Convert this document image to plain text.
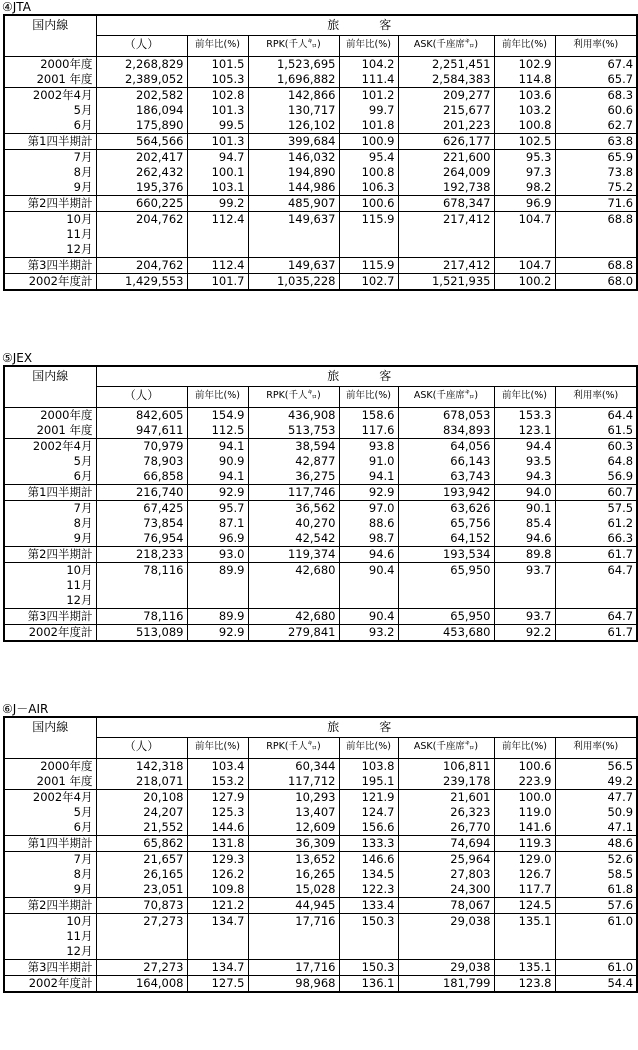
④JTA
国内線	旅　客						
	（人）	前年比(%)	RPK(千人㌔)	前年比(%)	ASK(千座席㌔)	前年比(%)	利用率(%)
2000年度	2,268,829	101.5	1,523,695	104.2	2,251,451	102.9	67.4
2001 年度	2,389,052	105.3	1,696,882	111.4	2,584,383	114.8	65.7
2002年4月	202,582	102.8	142,866	101.2	209,277	103.6	68.3
5月	186,094	101.3	130,717	99.7	215,677	103.2	60.6
6月	175,890	99.5	126,102	101.8	201,223	100.8	62.7
第1四半期計	564,566	101.3	399,684	100.9	626,177	102.5	63.8
7月	202,417	94.7	146,032	95.4	221,600	95.3	65.9
8月	262,432	100.1	194,890	100.8	264,009	97.3	73.8
9月	195,376	103.1	144,986	106.3	192,738	98.2	75.2
第2四半期計	660,225	99.2	485,907	100.6	678,347	96.9	71.6
10月	204,762	112.4	149,637	115.9	217,412	104.7	68.8
11月							
12月							
第3四半期計	204,762	112.4	149,637	115.9	217,412	104.7	68.8
2002年度計	1,429,553	101.7	1,035,228	102.7	1,521,935	100.2	68.0
⑤JEX
国内線	旅　客						
	（人）	前年比(%)	RPK(千人㌔)	前年比(%)	ASK(千座席㌔)	前年比(%)	利用率(%)
2000年度	842,605	154.9	436,908	158.6	678,053	153.3	64.4
2001 年度	947,611	112.5	513,753	117.6	834,893	123.1	61.5
2002年4月	70,979	94.1	38,594	93.8	64,056	94.4	60.3
5月	78,903	90.9	42,877	91.0	66,143	93.5	64.8
6月	66,858	94.1	36,275	94.1	63,743	94.3	56.9
第1四半期計	216,740	92.9	117,746	92.9	193,942	94.0	60.7
7月	67,425	95.7	36,562	97.0	63,626	90.1	57.5
8月	73,854	87.1	40,270	88.6	65,756	85.4	61.2
9月	76,954	96.9	42,542	98.7	64,152	94.6	66.3
第2四半期計	218,233	93.0	119,374	94.6	193,534	89.8	61.7
10月	78,116	89.9	42,680	90.4	65,950	93.7	64.7
11月							
12月							
第3四半期計	78,116	89.9	42,680	90.4	65,950	93.7	64.7
2002年度計	513,089	92.9	279,841	93.2	453,680	92.2	61.7
⑥J－AIR
国内線	旅　客						
	（人）	前年比(%)	RPK(千人㌔)	前年比(%)	ASK(千座席㌔)	前年比(%)	利用率(%)
2000年度	142,318	103.4	60,344	103.8	106,811	100.6	56.5
2001 年度	218,071	153.2	117,712	195.1	239,178	223.9	49.2
2002年4月	20,108	127.9	10,293	121.9	21,601	100.0	47.7
5月	24,207	125.3	13,407	124.7	26,323	119.0	50.9
6月	21,552	144.6	12,609	156.6	26,770	141.6	47.1
第1四半期計	65,862	131.8	36,309	133.3	74,694	119.3	48.6
7月	21,657	129.3	13,652	146.6	25,964	129.0	52.6
8月	26,165	126.2	16,265	134.5	27,803	126.7	58.5
9月	23,051	109.8	15,028	122.3	24,300	117.7	61.8
第2四半期計	70,873	121.2	44,945	133.4	78,067	124.5	57.6
10月	27,273	134.7	17,716	150.3	29,038	135.1	61.0
11月							
12月							
第3四半期計	27,273	134.7	17,716	150.3	29,038	135.1	61.0
2002年度計	164,008	127.5	98,968	136.1	181,799	123.8	54.4
